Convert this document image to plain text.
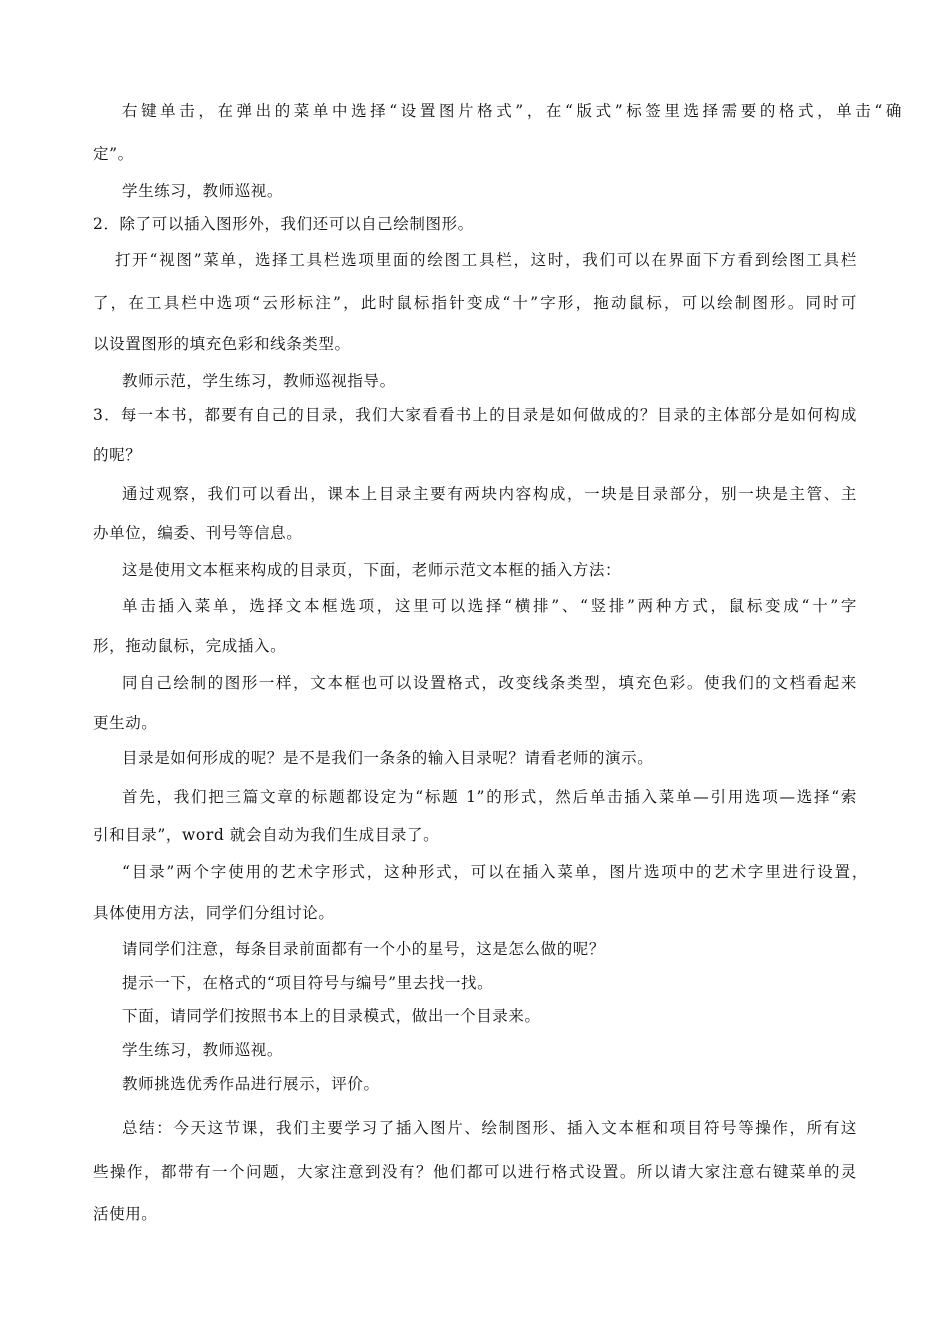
右键单击，在弹出的菜单中选择“设置图片格式”，在“版式”标签里选择需要的格式，单击“确
定”。
学生练习，教师巡视。
2．除了可以插入图形外，我们还可以自己绘制图形。
打开“视图”菜单，选择工具栏选项里面的绘图工具栏，这时，我们可以在界面下方看到绘图工具栏
了，在工具栏中选项“云形标注”，此时鼠标指针变成“十”字形，拖动鼠标，可以绘制图形。同时可
以设置图形的填充色彩和线条类型。
教师示范，学生练习，教师巡视指导。
3．每一本书，都要有自己的目录，我们大家看看书上的目录是如何做成的？目录的主体部分是如何构成
的呢？
通过观察，我们可以看出，课本上目录主要有两块内容构成，一块是目录部分，别一块是主管、主
办单位，编委、刊号等信息。
这是使用文本框来构成的目录页，下面，老师示范文本框的插入方法：
单击插入菜单，选择文本框选项，这里可以选择“横排”、“竖排”两种方式，鼠标变成“十”字
形，拖动鼠标，完成插入。
同自己绘制的图形一样，文本框也可以设置格式，改变线条类型，填充色彩。使我们的文档看起来
更生动。
目录是如何形成的呢？是不是我们一条条的输入目录呢？请看老师的演示。
首先，我们把三篇文章的标题都设定为“标题 1”的形式，然后单击插入菜单—引用选项—选择“索
引和目录”，word 就会自动为我们生成目录了。
“目录”两个字使用的艺术字形式，这种形式，可以在插入菜单，图片选项中的艺术字里进行设置，
具体使用方法，同学们分组讨论。
请同学们注意，每条目录前面都有一个小的星号，这是怎么做的呢？
提示一下，在格式的“项目符号与编号”里去找一找。
下面，请同学们按照书本上的目录模式，做出一个目录来。
学生练习，教师巡视。
教师挑选优秀作品进行展示，评价。
总结：今天这节课，我们主要学习了插入图片、绘制图形、插入文本框和项目符号等操作，所有这
些操作，都带有一个问题，大家注意到没有？他们都可以进行格式设置。所以请大家注意右键菜单的灵
活使用。
